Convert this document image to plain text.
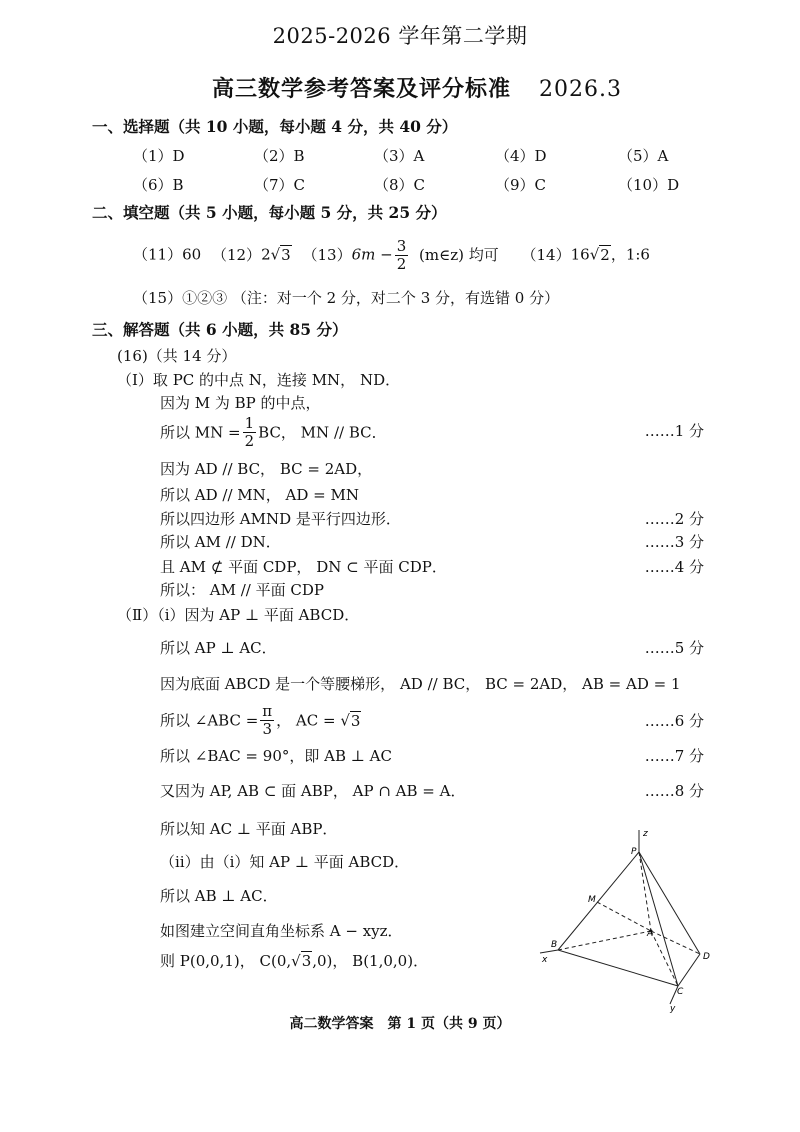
2025-2026 学年第二学期
高三数学参考答案及评分标准 2026.3
一、选择题（共 10 小题，每小题 4 分，共 40 分）
（1）D	（2）B	（3）A	（4）D	（5）A
（6）B	（7）C	（8）C	（9）C	（10）D
二、填空题（共 5 小题，每小题 5 分，共 25 分）
（11）60 （12）2√3 $(13)6m - \frac{3}{2}$ (m∈z) 均可 （14）16√2，1:6
（15）①②③ （注：对一个 2 分，对二个 3 分，有选错 0 分）
三、解答题（共 6 小题，共 85 分）
(16)（共 14 分）
（Ⅰ）取 PC 的中点 N，连接 MN， ND．
因为 M 为 BP 的中点，
所以 MN = $\frac{1}{2}$ BC， MN // BC．	……1 分
因为 AD // BC， BC = 2AD，
所以 AD // MN， AD = MN
所以四边形 AMND 是平行四边形．	……2 分
所以 AM // DN．	……3 分
且 AM ⊄ 平面 CDP， DN ⊂ 平面 CDP．	……4 分
所以： AM // 平面 CDP
（Ⅱ）（ⅰ）因为 AP ⊥ 平面 ABCD．
所以 AP ⊥ AC．	……5 分
因为底面 ABCD 是一个等腰梯形， AD // BC， BC = 2AD， AB = AD = 1
所以 ∠ABC = $\frac{\pi}{3}$ ， AC = √3	……6 分
所以 ∠BAC = 90°，即 AB ⊥ AC	……7 分
又因为 AP, AB ⊂ 面 ABP， AP ∩ AB = A．	……8 分
所以知 AC ⊥ 平面 ABP．
（ⅱ）由（ⅰ）知 AP ⊥ 平面 ABCD．
所以 AB ⊥ AC．
如图建立空间直角坐标系 A − xyz．
则 P(0,0,1)， C(0,√3,0)， B(1,0,0)．
z
P
M
A
B
x	D
C
y
高二数学答案　第 1 页（共 9 页）
